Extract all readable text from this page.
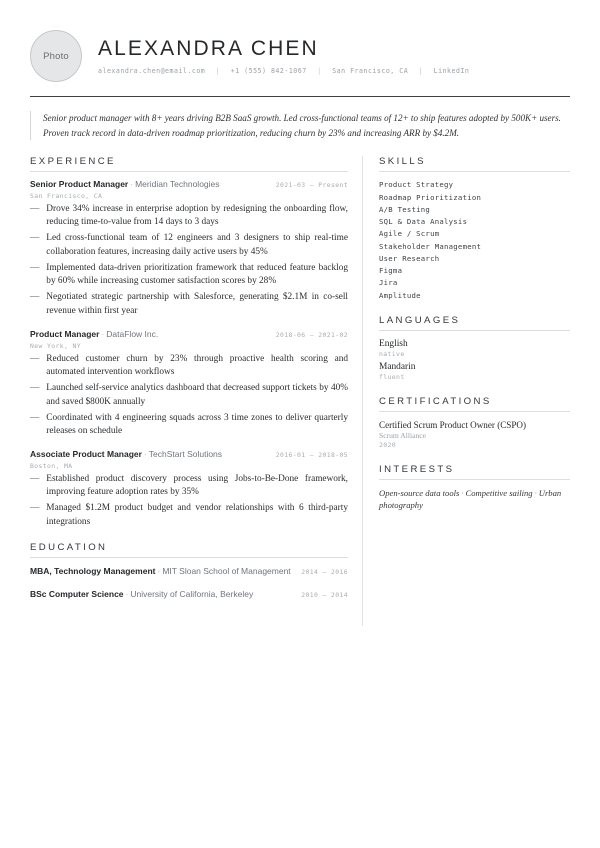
Photo ALEXANDRA CHEN
alexandra.chen@email.com | +1 (555) 842-1067 | San Francisco, CA | LinkedIn
Senior product manager with 8+ years driving B2B SaaS growth. Led cross-functional teams of 12+ to ship features adopted by 500K+ users. Proven track record in data-driven roadmap prioritization, reducing churn by 23% and increasing ARR by $4.2M.
EXPERIENCE
Senior Product Manager · Meridian Technologies	2021-03 — Present
San Francisco, CA
— Drove 34% increase in enterprise adoption by redesigning the onboarding flow, reducing time-to-value from 14 days to 3 days
— Led cross-functional team of 12 engineers and 3 designers to ship real-time collaboration features, increasing daily active users by 45%
— Implemented data-driven prioritization framework that reduced feature backlog by 60% while increasing customer satisfaction scores by 28%
— Negotiated strategic partnership with Salesforce, generating $2.1M in co-sell revenue within first year
Product Manager · DataFlow Inc.	2018-06 — 2021-02
New York, NY
— Reduced customer churn by 23% through proactive health scoring and automated intervention workflows
— Launched self-service analytics dashboard that decreased support tickets by 40% and saved $800K annually
— Coordinated with 4 engineering squads across 3 time zones to deliver quarterly releases on schedule
Associate Product Manager · TechStart Solutions	2016-01 — 2018-05
Boston, MA
— Established product discovery process using Jobs-to-Be-Done framework, improving feature adoption rates by 35%
— Managed $1.2M product budget and vendor relationships with 6 third-party integrations
EDUCATION
MBA, Technology Management · MIT Sloan School of Management	2014 — 2016
BSc Computer Science · University of California, Berkeley	2010 — 2014
SKILLS
Product Strategy
Roadmap Prioritization
A/B Testing
SQL & Data Analysis
Agile / Scrum
Stakeholder Management
User Research
Figma
Jira
Amplitude
LANGUAGES
English
native
Mandarin
fluent
CERTIFICATIONS
Certified Scrum Product Owner (CSPO)
Scrum Alliance
2020
INTERESTS
Open-source data tools · Competitive sailing · Urban photography
